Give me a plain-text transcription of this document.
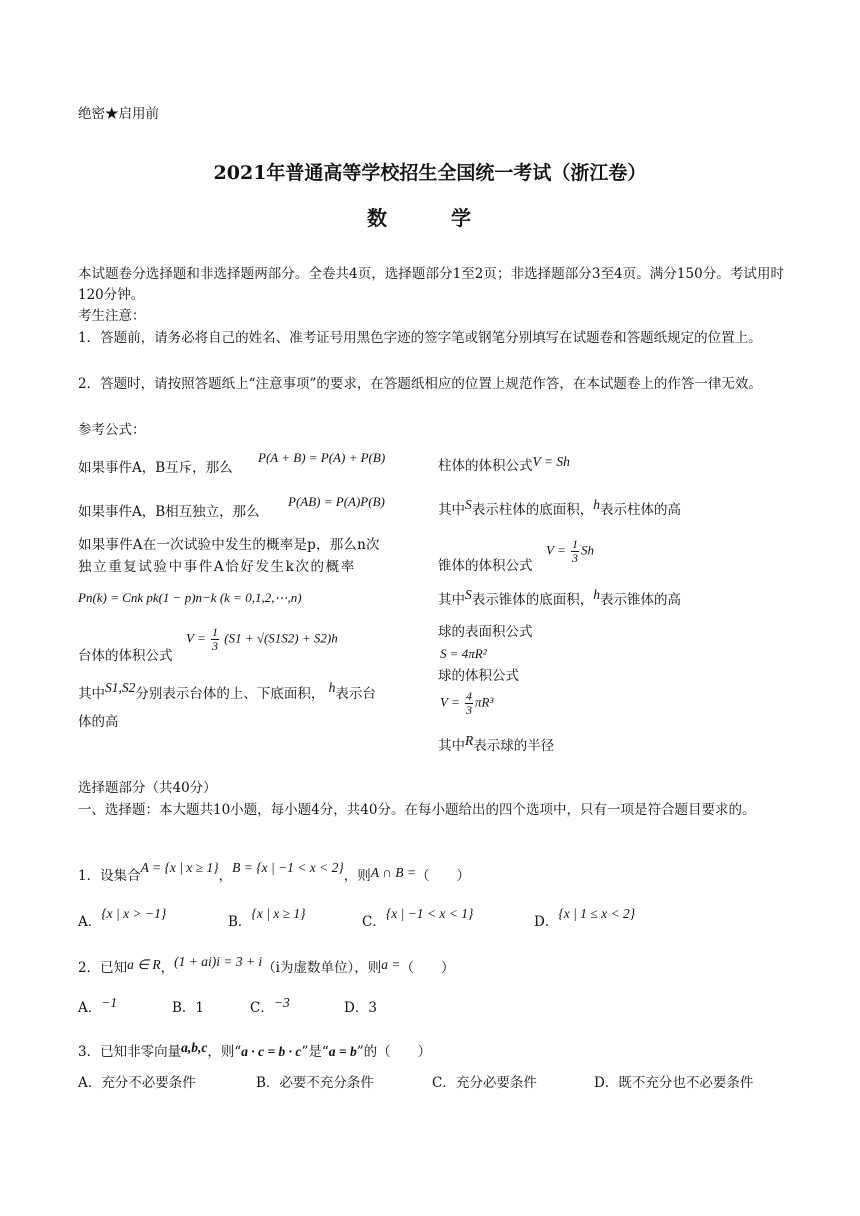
绝密★启用前
2021年普通高等学校招生全国统一考试（浙江卷）
数　学
本试题卷分选择题和非选择题两部分。全卷共4页，选择题部分1至2页；非选择题部分3至4页。满分150分。考试用时120分钟。
考生注意：
1．答题前，请务必将自己的姓名、准考证号用黑色字迹的签字笔或钢笔分别填写在试题卷和答题纸规定的位置上。
2．答题时，请按照答题纸上“注意事项”的要求，在答题纸相应的位置上规范作答，在本试题卷上的作答一律无效。
参考公式：
如果事件A，B互斥，那么
P(A + B) = P(A) + P(B)
如果事件A，B相互独立，那么
P(AB) = P(A)P(B)
如果事件A在一次试验中发生的概率是p，那么n次
独立重复试验中事件A恰好发生k次的概率
Pn(k) = Cnk pk(1 − p)n−k (k = 0,1,2,⋯,n)
台体的体积公式
$V = \frac{1}{3} (S1 + √(S1S2) + S2)h$
其中S1,S2分别表示台体的上、下底面积， h表示台
体的高
柱体的体积公式V = Sh
其中S表示柱体的底面积，h表示柱体的高
$V = \frac{1}{3}$ Sh
锥体的体积公式
其中S表示锥体的底面积，h表示锥体的高
球的表面积公式
S = 4πR²
球的体积公式
$V = \frac{4}{3} \pi R^3$
其中R表示球的半径
选择题部分（共40分）
一、选择题：本大题共10小题，每小题4分，共40分。在每小题给出的四个选项中，只有一项是符合题目要求的。
1．设集合A = {x | x ≥ 1}，B = {x | −1 < x < 2}，则A ∩ B =（　　）
A．{x | x > −1}
B．{x | x ≥ 1}
C．{x | −1 < x < 1}
D．{x | 1 ≤ x < 2}
2．已知a ∈ R，(1 + ai)i = 3 + i（i为虚数单位），则a =（　　）
A．−1	B．1	C．−3	D．3
3．已知非零向量a,b,c，则“a · c = b · c”是“a = b”的（　　）
A．充分不必要条件	B．必要不充分条件	C．充分必要条件	D．既不充分也不必要条件
